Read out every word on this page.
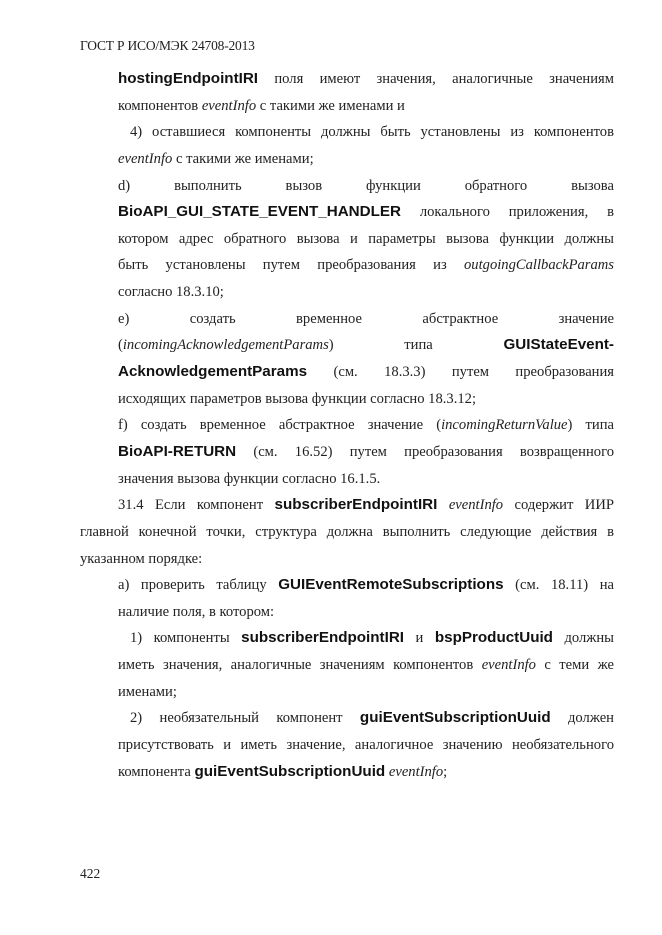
ГОСТ Р ИСО/МЭК 24708-2013
hostingEndpointIRI поля имеют значения, аналогичные значениям
компонентов eventInfo с такими же именами и
4) оставшиеся компоненты должны быть установлены из компонентов
eventInfo с такими же именами;
d) выполнить вызов функции обратного вызова
BioAPI_GUI_STATE_EVENT_HANDLER локального приложения, в
котором адрес обратного вызова и параметры вызова функции должны
быть установлены путем преобразования из outgoingCallbackParams
согласно 18.3.10;
e) создать временное абстрактное значение
(incomingAcknowledgementParams) типа GUIStateEvent-
AcknowledgementParams (см. 18.3.3) путем преобразования
исходящих параметров вызова функции согласно 18.3.12;
f) создать временное абстрактное значение (incomingReturnValue) типа
BioAPI-RETURN (см. 16.52) путем преобразования возвращенного
значения вызова функции согласно 16.1.5.
31.4 Если компонент subscriberEndpointIRI eventInfo содержит ИИР
главной конечной точки, структура должна выполнить следующие действия в
указанном порядке:
а) проверить таблицу GUIEventRemoteSubscriptions (см. 18.11) на
наличие поля, в котором:
1) компоненты subscriberEndpointIRI и bspProductUuid должны
иметь значения, аналогичные значениям компонентов eventInfo с теми же
именами;
2) необязательный компонент guiEventSubscriptionUuid должен
присутствовать и иметь значение, аналогичное значению необязательного
компонента guiEventSubscriptionUuid eventInfo;
422
